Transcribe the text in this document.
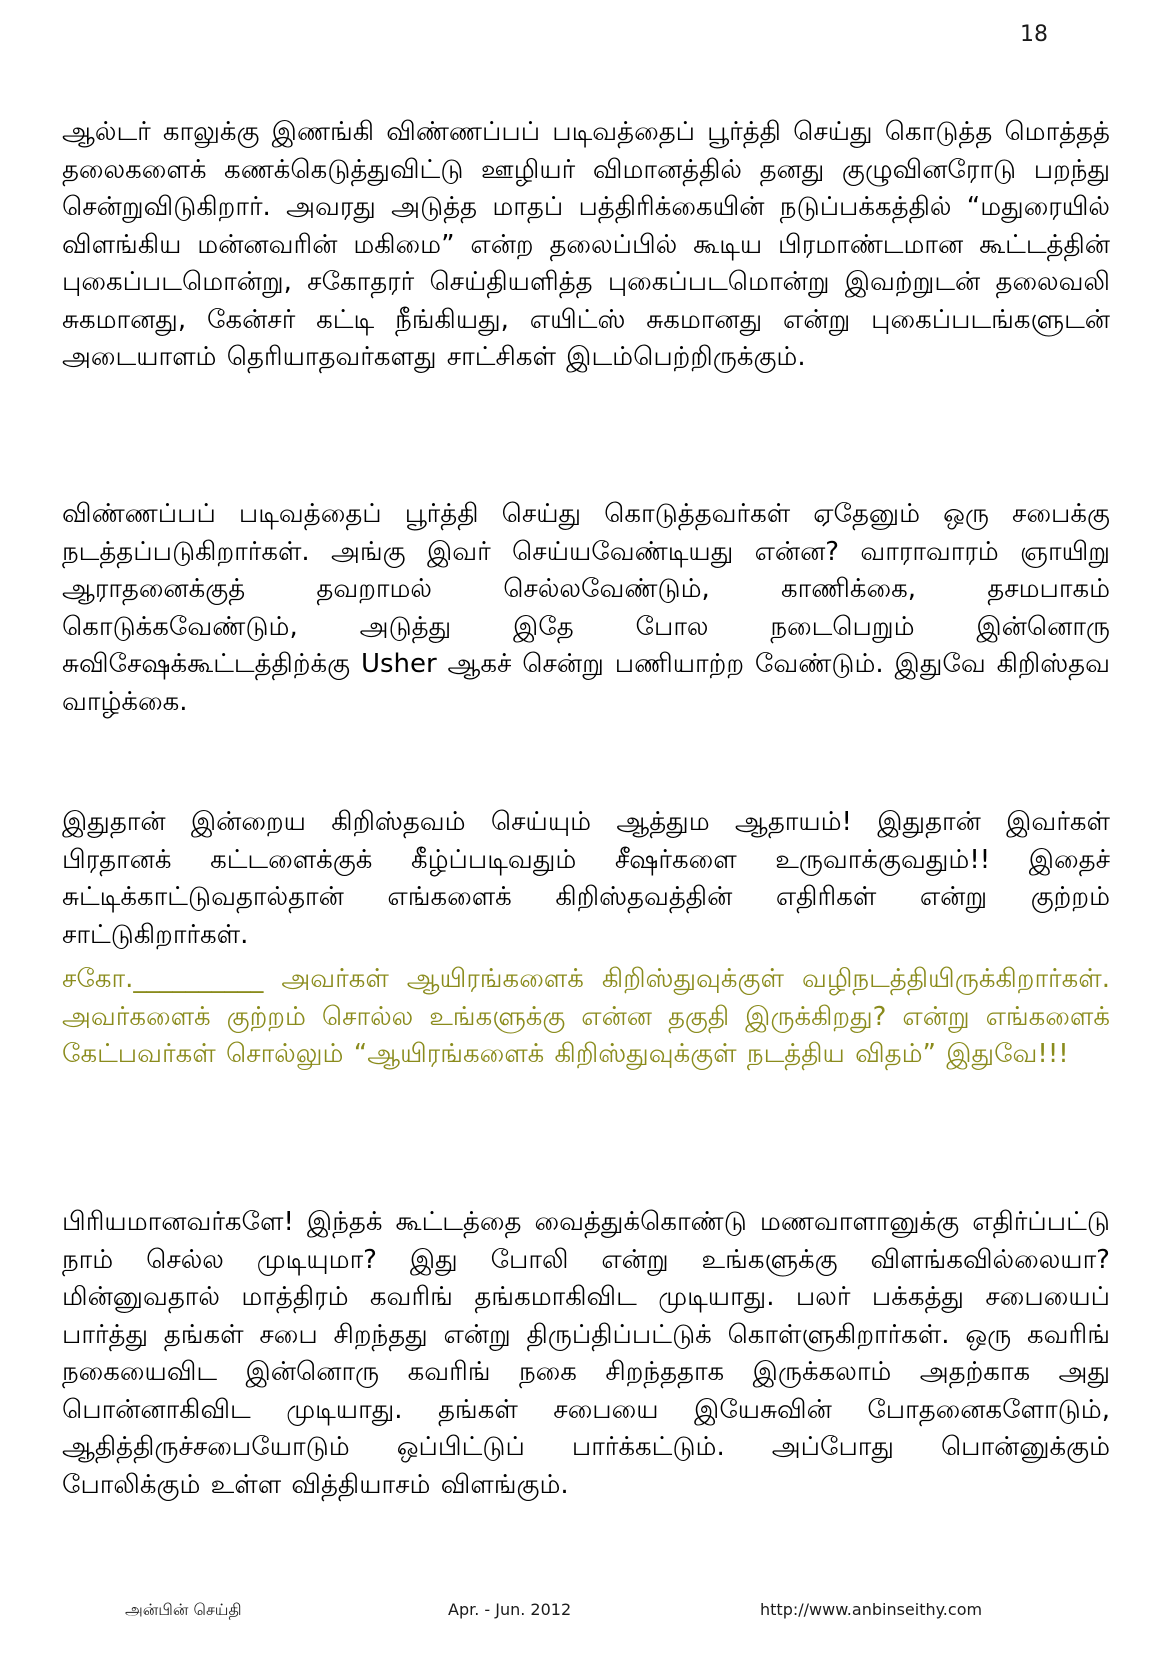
18

ஆல்டர் காலுக்கு இணங்கி விண்ணப்பப் படிவத்தைப் பூர்த்தி செய்து கொடுத்த மொத்தத் தலைகளைக் கணக்கெடுத்துவிட்டு ஊழியர் விமானத்தில் தனது குழுவினரோடு பறந்து சென்றுவிடுகிறார். அவரது அடுத்த மாதப் பத்திரிக்கையின் நடுப்பக்கத்தில் “மதுரையில் விளங்கிய மன்னவரின் மகிமை” என்ற தலைப்பில் கூடிய பிரமாண்டமான கூட்டத்தின் புகைப்படமொன்று, சகோதரர் செய்தியளித்த புகைப்படமொன்று இவற்றுடன் தலைவலி சுகமானது, கேன்சர் கட்டி நீங்கியது, எயிட்ஸ் சுகமானது என்று புகைப்படங்களுடன் அடையாளம் தெரியாதவர்களது சாட்சிகள் இடம்பெற்றிருக்கும்.

விண்ணப்பப் படிவத்தைப் பூர்த்தி செய்து கொடுத்தவர்கள் ஏதேனும் ஒரு சபைக்கு நடத்தப்படுகிறார்கள். அங்கு இவர் செய்யவேண்டியது என்ன? வாராவாரம் ஞாயிறு ஆராதனைக்குத் தவறாமல் செல்லவேண்டும், காணிக்கை, தசமபாகம் கொடுக்கவேண்டும், அடுத்து இதே போல நடைபெறும் இன்னொரு சுவிசேஷக்கூட்டத்திற்க்கு Usher ஆகச் சென்று பணியாற்ற வேண்டும். இதுவே கிறிஸ்தவ வாழ்க்கை.

இதுதான் இன்றைய கிறிஸ்தவம் செய்யும் ஆத்தும ஆதாயம்! இதுதான் இவர்கள் பிரதானக் கட்டளைக்குக் கீழ்ப்படிவதும் சீஷர்களை உருவாக்குவதும்!! இதைச் சுட்டிக்காட்டுவதால்தான் எங்களைக் கிறிஸ்தவத்தின் எதிரிகள் என்று குற்றம் சாட்டுகிறார்கள்.

சகோ.__________ அவர்கள் ஆயிரங்களைக் கிறிஸ்துவுக்குள் வழிநடத்தியிருக்கிறார்கள். அவர்களைக் குற்றம் சொல்ல உங்களுக்கு என்ன தகுதி இருக்கிறது? என்று எங்களைக் கேட்பவர்கள் சொல்லும் “ஆயிரங்களைக் கிறிஸ்துவுக்குள் நடத்திய விதம்” இதுவே!!!

பிரியமானவர்களே! இந்தக் கூட்டத்தை வைத்துக்கொண்டு மணவாளானுக்கு எதிர்ப்பட்டு நாம் செல்ல முடியுமா? இது போலி என்று உங்களுக்கு விளங்கவில்லையா? மின்னுவதால் மாத்திரம் கவரிங் தங்கமாகிவிட முடியாது. பலர் பக்கத்து சபையைப் பார்த்து தங்கள் சபை சிறந்தது என்று திருப்திப்பட்டுக் கொள்ளுகிறார்கள். ஒரு கவரிங் நகையைவிட இன்னொரு கவரிங் நகை சிறந்ததாக இருக்கலாம் அதற்காக அது பொன்னாகிவிட முடியாது. தங்கள் சபையை இயேசுவின் போதனைகளோடும், ஆதித்திருச்சபையோடும் ஒப்பிட்டுப் பார்க்கட்டும். அப்போது பொன்னுக்கும் போலிக்கும் உள்ள வித்தியாசம் விளங்கும்.

அன்பின் செய்தி	Apr. - Jun. 2012	http://www.anbinseithy.com
